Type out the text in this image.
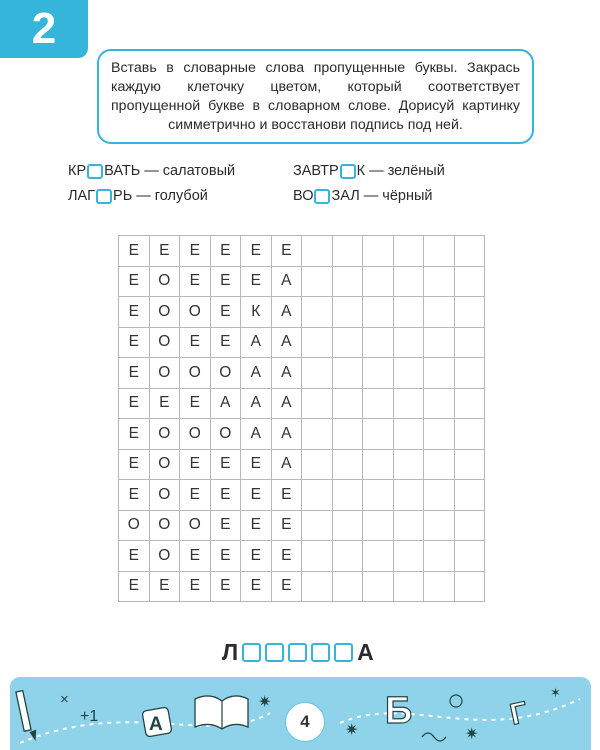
2
Вставь в словарные слова пропущенные буквы. Закрась каждую клеточку цветом, который соответствует пропущенной букве в словарном слове. Дорисуй картинку симметрично и восстанови подпись под ней.
КР ВАТЬ
—
салатовый	ЗАВТР К
—
зелёный
ЛАГ РЬ
—
голубой	ВО ЗАЛ
—
чёрный
Е	Е	Е	Е	Е	Е						
Е	О	Е	Е	Е	А						
Е	О	О	Е	К	А						
Е	О	Е	Е	А	А						
Е	О	О	О	А	А						
Е	Е	Е	А	А	А						
Е	О	О	О	А	А						
Е	О	Е	Е	Е	А						
Е	О	Е	Е	Е	Е						
О	О	О	Е	Е	Е						
Е	О	Е	Е	Е	Е						
Е	Е	Е	Е	Е	Е						
Л	А
×
+1	A
✷
✷ Б
✷
Г
✶
4
